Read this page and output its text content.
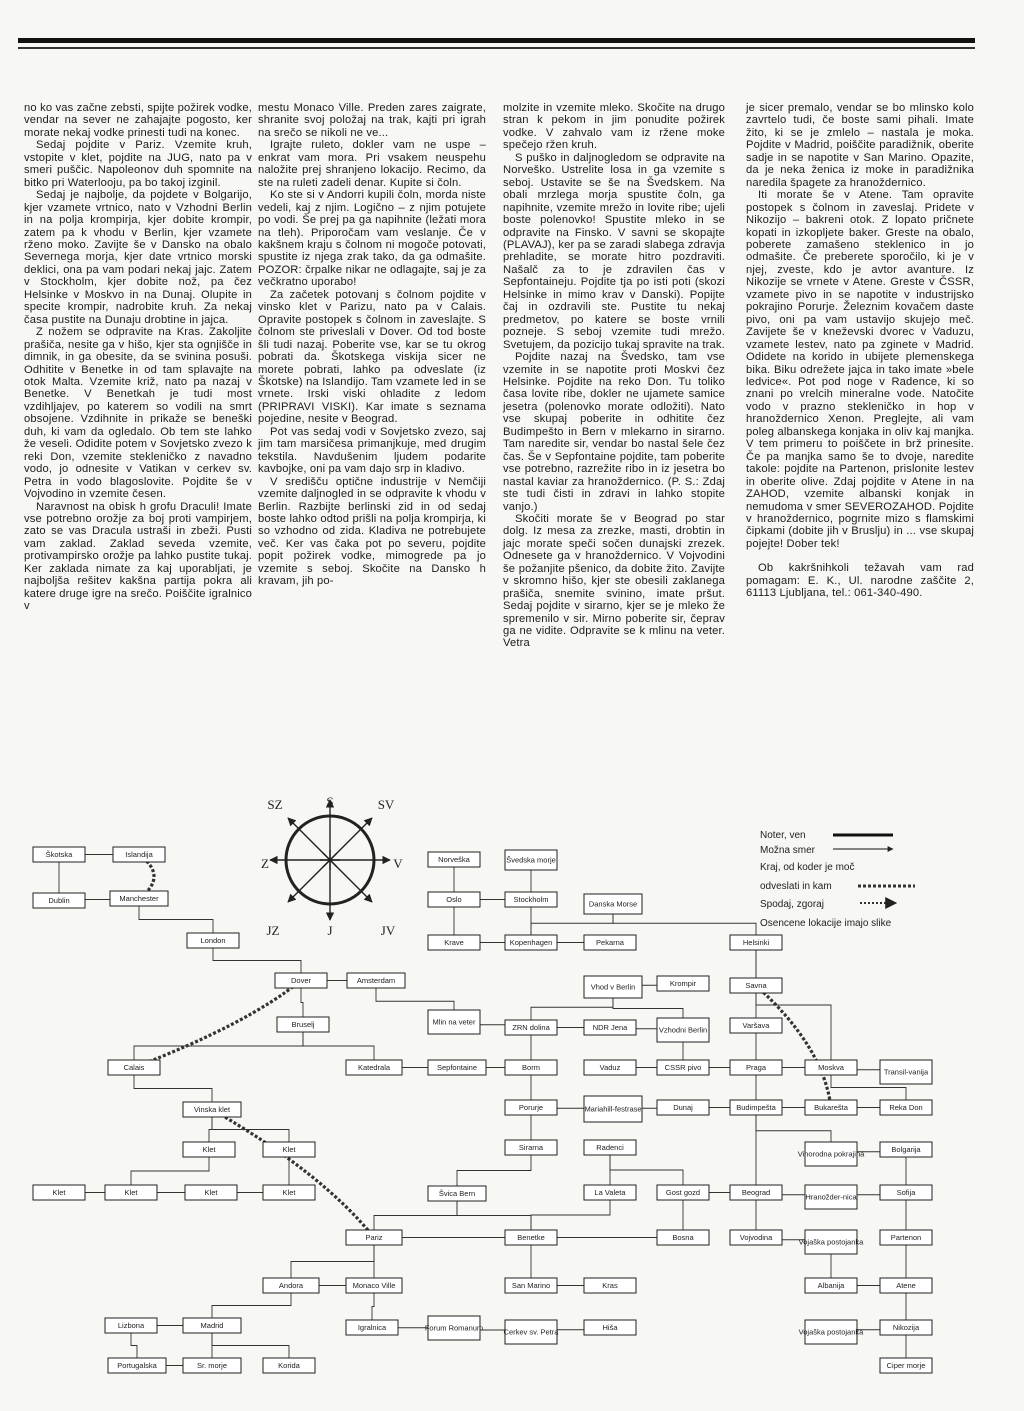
no ko vas začne zebsti, spijte požirek vodke, vendar na sever ne zahajajte pogosto, ker morate nekaj vodke prinesti tudi na konec.

Sedaj pojdite v Pariz. Vzemite kruh, vstopite v klet, pojdite na JUG, nato pa v smeri puščic. Napoleonov duh spomnite na bitko pri Waterlooju, pa bo takoj izginil.

Sedaj je najbolje, da pojdete v Bolgarijo, kjer vzamete vrtnico, nato v Vzhodni Berlin in na polja krompirja, kjer dobite krompir, zatem pa k vhodu v Berlin, kjer vzamete rženo moko. Zavijte še v Dansko na obalo Severnega morja, kjer date vrtnico morski deklici, ona pa vam podari nekaj jajc. Zatem v Stockholm, kjer dobite nož, pa čez Helsinke v Moskvo in na Dunaj. Olupite in specite krompir, nadrobite kruh. Za nekaj časa pustite na Dunaju drobtine in jajca.

Z nožem se odpravite na Kras. Zakoljite prašiča, nesite ga v hišo, kjer sta ognjišče in dimnik, in ga obesite, da se svinina posuši. Odhitite v Benetke in od tam splavajte na otok Malta. Vzemite križ, nato pa nazaj v Benetke. V Benetkah je tudi most vzdihljajev, po katerem so vodili na smrt obsojene. Vzdihnite in prikažе se beneški duh, ki vam da ogledalo. Ob tem ste lahko že veseli. Odidite potem v Sovjetsko zvezo k reki Don, vzemite stekleničko z navadno vodo, jo odnesite v Vatikan v cerkev sv. Petra in vodo blagoslovite. Pojdite še v Vojvodino in vzemite česen.

Naravnost na obisk h grofu Draculi! Imate vse potrebno orožje za boj proti vampirjem, zato se vas Dracula ustraši in zbeži. Pusti vam zaklad. Zaklad seveda vzemite, protivampirsko orožje pa lahko pustite tukaj. Ker zaklada nimate za kaj uporabljati, je najboljša rešitev kakšna partija pokra ali katere druge igre na srečo. Poiščite igralnico v

mestu Monaco Ville. Preden zares zaigrate, shranite svoj položaj na trak, kajti pri igrah na srečo se nikoli ne ve...

Igrajte ruleto, dokler vam ne uspe – enkrat vam mora. Pri vsakem neuspehu naložite prej shranjeno lokacijo. Recimo, da ste na ruleti zadeli denar. Kupite si čoln.

Ko ste si v Andorri kupili čoln, morda niste vedeli, kaj z njim. Logično – z njim potujete po vodi. Še prej pa ga napihnite (ležati mora na tleh). Priporočam vam veslanje. Če v kakšnem kraju s čolnom ni mogoče potovati, spustite iz njega zrak tako, da ga odmašite. POZOR: črpalke nikar ne odlagajte, saj je za večkratno uporabo!

Za začetek potovanj s čolnom pojdite v vinsko klet v Parizu, nato pa v Calais. Opravite postopek s čolnom in zaveslajte. S čolnom ste priveslali v Dover. Od tod boste šli tudi nazaj. Poberite vse, kar se tu okrog pobrati da. Škotskega viskija sicer ne morete pobrati, lahko pa odveslate (iz Škotske) na Islandijo. Tam vzamete led in se vrnete. Irski viski ohladite z ledom (PRIPRAVI VISKI). Kar imate s seznama pojedine, nesite v Beograd.

Pot vas sedaj vodi v Sovjetsko zvezo, saj jim tam marsičesa primanjkuje, med drugim tekstila. Navdušenim ljudem podarite kavbojke, oni pa vam dajo srp in kladivo.

V središču optične industrije v Nemčiji vzemite daljnogled in se odpravite k vhodu v Berlin. Razbijte berlinski zid in od sedaj boste lahko odtod prišli na polja krompirja, ki so vzhodno od zida. Kladiva ne potrebujete več. Ker vas čaka pot po severu, pojdite popit požirek vodke, mimogrede pa jo vzemite s seboj. Skočite na Dansko h kravam, jih po-

molzite in vzemite mleko. Skočite na drugo stran k pekom in jim ponudite požirek vodke. V zahvalo vam iz ržene moke spečejo ržen kruh.

S puško in daljnogledom se odpravite na Norveško. Ustrelite losa in ga vzemite s seboj. Ustavite se še na Švedskem. Na obali mrzlega morja spustite čoln, ga napihnite, vzemite mrežo in lovite ribe; ujeli boste polenovko! Spustite mleko in se odpravite na Finsko. V savni se skopajte (PLAVAJ), ker pa se zaradi slabega zdravja prehladite, se morate hitro pozdraviti. Našalč za to je zdravilen čas v Sepfontaineju. Pojdite tja po isti poti (skozi Helsinke in mimo krav v Danski). Popijte čaj in ozdravili ste. Pustite tu nekaj predmetov, po katere se boste vrnili pozneje. S seboj vzemite tudi mrežo. Svetujem, da pozicijo tukaj spravite na trak.

Pojdite nazaj na Švedsko, tam vse vzemite in se napotite proti Moskvi čez Helsinke. Pojdite na reko Don. Tu toliko časa lovite ribe, dokler ne ujamete samice jesetra (polenovko morate odložiti). Nato vse skupaj poberite in odhitite čez Budimpešto in Bern v mlekarno in sirarno. Tam naredite sir, vendar bo nastal šele čez čas. Še v Sepfontaine pojdite, tam poberite vse potrebno, razrežite ribo in iz jesetra bo nastal kaviar za hranoždernico. (P. S.: Zdaj ste tudi čisti in zdravi in lahko stopite vanjo.)

Skočiti morate še v Beograd po star dolg. Iz mesa za zrezke, masti, drobtin in jajc morate speči sočen dunajski zrezek. Odnesete ga v hranoždernico. V Vojvodini še požanjite pšenico, da dobite žito. Zavijte v skromno hišo, kjer ste obesili zaklanega prašiča, snemite svinino, imate pršut. Sedaj pojdite v sirarno, kjer se je mleko že spremenilo v sir. Mirno poberite sir, čeprav ga ne vidite. Odpravite se k mlinu na veter. Vetra

je sicer premalo, vendar se bo mlinsko kolo zavrtelo tudi, če boste sami pihali. Imate žito, ki se je zmlelo – nastala je moka. Pojdite v Madrid, poiščite paradižnik, oberite sadje in se napotite v San Marino. Opazite, da je neka ženica iz moke in paradižnika naredila špagete za hranoždernico.

Iti morate še v Atene. Tam opravite postopek s čolnom in zaveslaj. Pridete v Nikozijo – bakreni otok. Z lopato pričnete kopati in izkopljete baker. Greste na obalo, poberete zamašeno steklenico in jo odmašite. Če preberete sporočilo, ki je v njej, zveste, kdo je avtor avanture. Iz Nikozije se vrnete v Atene. Greste v ČSSR, vzamete pivo in se napotite v industrijsko pokrajino Porurje. Železnim kovačem daste pivo, oni pa vam ustavijo skujejo meč. Zavijete še v kneževski dvorec v Vaduzu, vzamete lestev, nato pa zginete v Madrid. Odidete na korido in ubijete plemenskega bika. Biku odrežete jajca in tako imate »bele ledvice«. Pot pod noge v Radence, ki so znani po vrelcih mineralne vode. Natočite vodo v prazno stekleničko in hop v hranoždernico Xenon. Preglejte, ali vam poleg albanskega konjaka in oliv kaj manjka. V tem primeru to poiščete in brž prinesite. Če pa manjka samo še to dvoje, naredite takole: pojdite na Partenon, prislonite lestev in oberite olive. Zdaj pojdite v Atene in na ZAHOD, vzemite albanski konjak in nemudoma v smer SEVEROZAHOD. Pojdite v hranoždernico, pogrnite mizo s flamskimi čipkami (dobite jih v Bruslju) in ... vse skupaj pojejte! Dober tek!

Ob kakršnihkoli težavah vam rad pomagam: E. K., Ul. narodne zaščite 2, 61113 Ljubljana, tel.: 061-340-490.

SZ	S	SV
Z	V
JZ	J	JV
Noter, ven
Možna smer
Kraj, od koder je moč
odveslati in kam
Spodaj, zgoraj
Osencene lokacije imajo slike
Škotska	Islandija
Dublin	Manchester
London
Dover	Amsterdam
Bruselj
Calais	Katedrala	Sepfontaine
Mlin na veter
Vinska klet
Klet	Klet
Klet	Klet	Klet	Klet	Švica Bern
Pariz
Monaco Ville
Andora
Madrid
Lizbona
Portugalska	Sr. morje	Korida
Igralnica	Forum Romanum	Cerkev sv. Petra	Hiša
San Marino	Kras
Benetke
La Valeta
Radenci
Sirarna
Porurje	Mariahill-festrase
Borm
ZRN dolina	NDR Jena
Norveška	Švedska morje
Oslo	Stockholm	Danska Morse
Krave	Kopenhagen	Pekarna
Vhod v Berlin	Krompir
Vzhodni Berlin
Vaduz	CSSR pivo
Dunaj
Gost gozd
Bosna
Beograd
Vojvodina
Hranožder-nica
Vojaška postojanka
Albanija
Vojaška postojanka
Helsinki
Savna
Varšava
Praga	Moskva	Transil-vanija
Budimpešta	Bukarešta	Reka Don
Vinorodna pokrajina	Bolgarija
Sofija
Partenon
Atene
Nikozija
Ciper morje
